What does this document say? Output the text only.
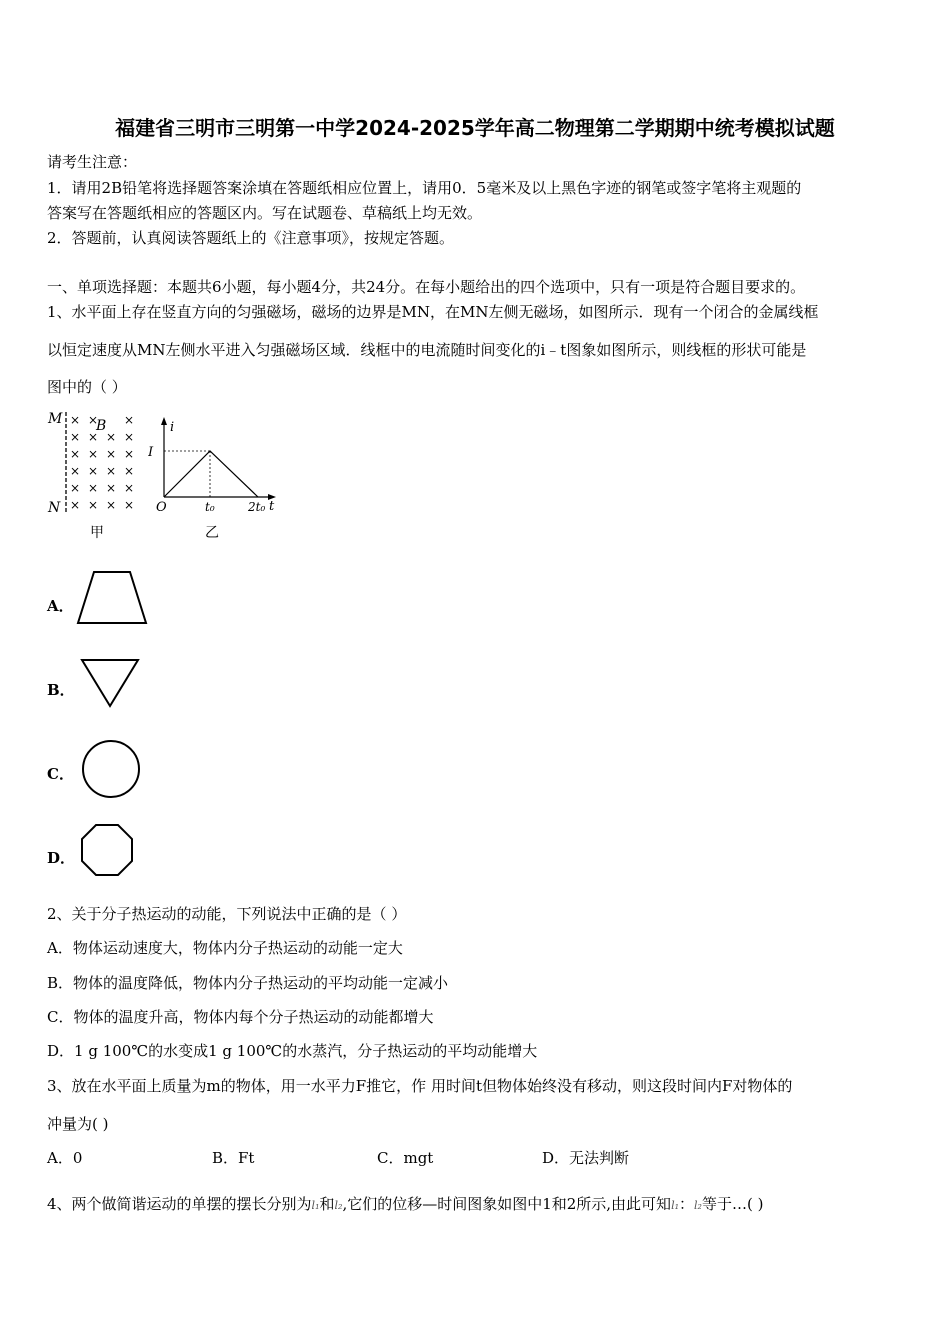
福建省三明市三明第一中学2024-2025学年高二物理第二学期期中统考模拟试题
请考生注意：
1．请用2B铅笔将选择题答案涂填在答题纸相应位置上，请用0．5毫米及以上黑色字迹的钢笔或签字笔将主观题的
答案写在答题纸相应的答题区内。写在试题卷、草稿纸上均无效。
2．答题前，认真阅读答题纸上的《注意事项》，按规定答题。
一、单项选择题：本题共6小题，每小题4分，共24分。在每小题给出的四个选项中，只有一项是符合题目要求的。
1、水平面上存在竖直方向的匀强磁场，磁场的边界是MN，在MN左侧无磁场，如图所示．现有一个闭合的金属线框
以恒定速度从MN左侧水平进入匀强磁场区域．线框中的电流随时间变化的i﹣t图象如图所示，则线框的形状可能是
图中的（ ）
M
N
B
× × ×
× × × ×
× × × ×
× × × ×
× × × ×
× × × ×
甲
i
I
O	t₀	2t₀ t
乙
A．
B．
C．
D．
2、关于分子热运动的动能，下列说法中正确的是（ ）
A．物体运动速度大，物体内分子热运动的动能一定大
B．物体的温度降低，物体内分子热运动的平均动能一定减小
C．物体的温度升高，物体内每个分子热运动的动能都增大
D．1 g 100℃的水变成1 g 100℃的水蒸汽，分子热运动的平均动能增大
3、放在水平面上质量为m的物体，用一水平力F推它，作 用时间t但物体始终没有移动，则这段时间内F对物体的
冲量为( )
A．0	B．Ft	C．mgt	D．无法判断
4、两个做简谐运动的单摆的摆长分别为l₁和l₂,它们的位移—时间图象如图中1和2所示,由此可知l₁：l₂等于…( )
